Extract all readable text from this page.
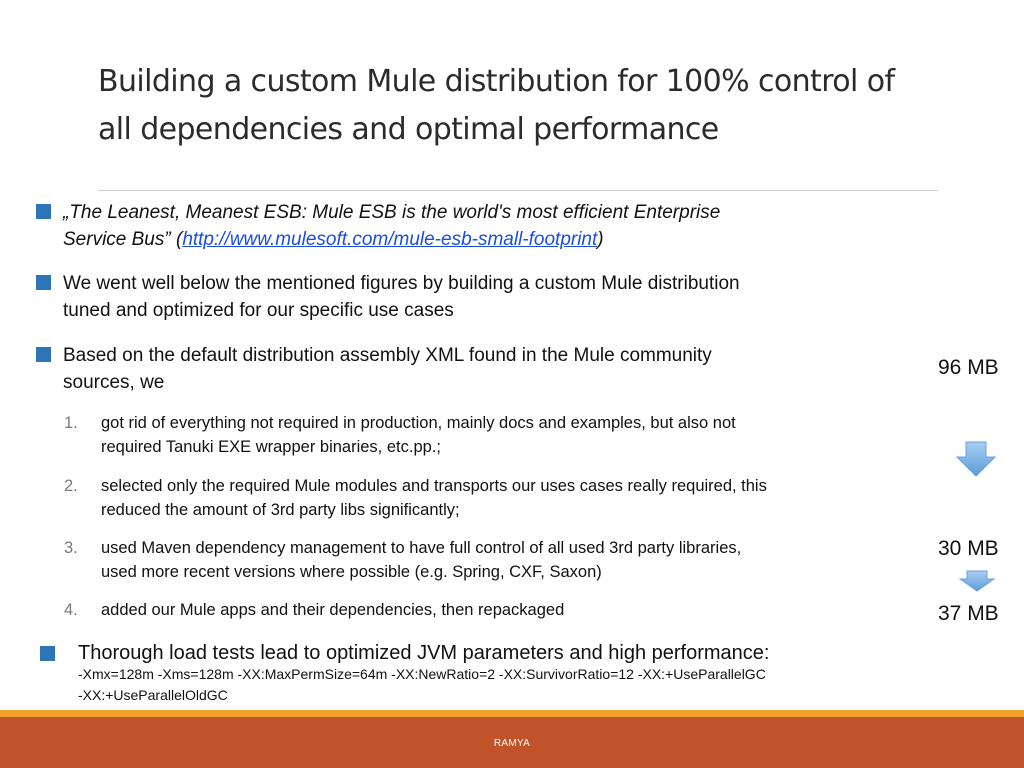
Building a custom Mule distribution for 100% control of
all dependencies and optimal performance
„The Leanest, Meanest ESB: Mule ESB is the world's most efficient Enterprise
Service Bus” (http://www.mulesoft.com/mule-esb-small-footprint)
We went well below the mentioned figures by building a custom Mule distribution
tuned and optimized for our specific use cases
Based on the default distribution assembly XML found in the Mule community
sources, we
1. got rid of everything not required in production, mainly docs and examples, but also not
required Tanuki EXE wrapper binaries, etc.pp.;
2. selected only the required Mule modules and transports our uses cases really required, this
reduced the amount of 3rd party libs significantly;
3. used Maven dependency management to have full control of all used 3rd party libraries,
used more recent versions where possible (e.g. Spring, CXF, Saxon)
4. added our Mule apps and their dependencies, then repackaged
Thorough load tests lead to optimized JVM parameters and high performance:
-Xmx=128m -Xms=128m -XX:MaxPermSize=64m -XX:NewRatio=2 -XX:SurvivorRatio=12 -XX:+UseParallelGC
-XX:+UseParallelOldGC
96 MB
30 MB
37 MB
RAMYA
